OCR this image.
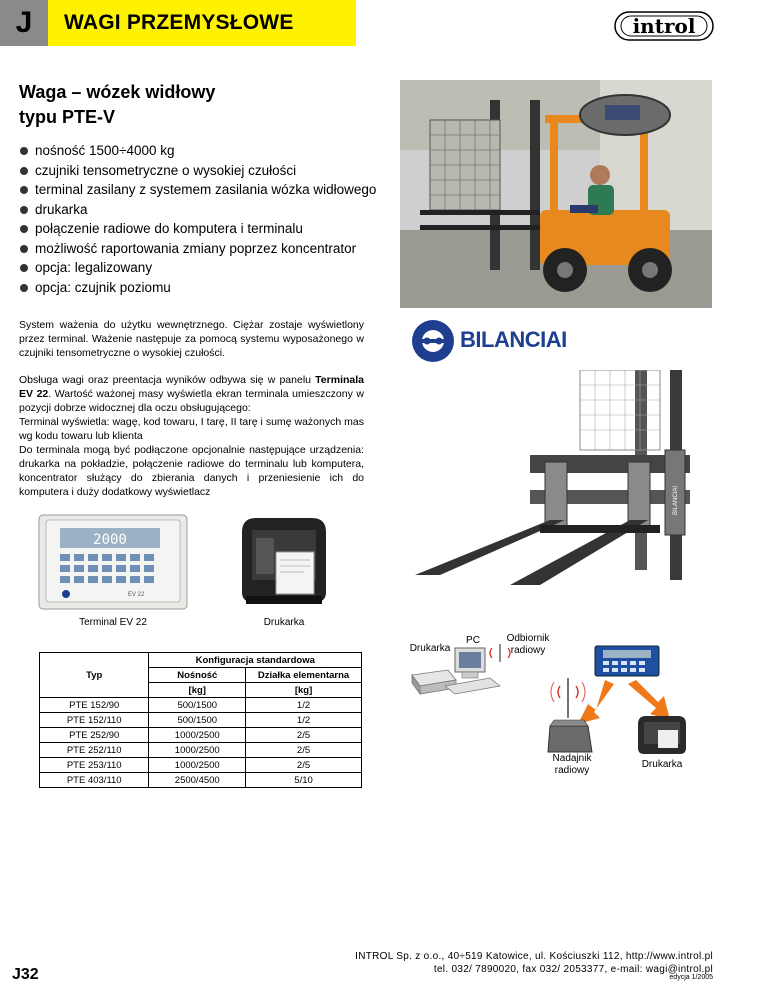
J	WAGI PRZEMYSŁOWE	introl
Waga – wózek widłowy
typu PTE-V
nośność 1500÷4000 kg
czujniki tensometryczne o wysokiej czułości
terminal zasilany z systemem zasilania wózka widłowego
drukarka
połączenie radiowe do komputera i terminalu
możliwość raportowania zmiany poprzez koncentrator
opcja: legalizowany
opcja: czujnik poziomu
System ważenia do użytku wewnętrznego. Ciężar zostaje wyświetlony przez terminal. Ważenie następuje za pomocą systemu wyposażonego w czujniki tensometryczne o wysokiej czułości.
Obsługa wagi oraz preentacja wyników odbywa się w panelu Terminala EV 22. Wartość ważonej masy wyświetla ekran terminala umieszczony w pozycji dobrze widocznej dla oczu obsługującego:
Terminal wyświetla: wagę, kod towaru, I tarę, II tarę i sumę ważonych mas wg kodu towaru lub klienta
Do terminala mogą być podłączone opcjonalnie następujące urządzenia: drukarka na pokładzie, połączenie radiowe do terminalu lub komputera, koncentrator służący do zbierania danych i przeniesienie ich do komputera i duży dodatkowy wyświetlacz
BILANCIAI
BILANCIAI
2000
EV 22
Terminal EV 22	Drukarka
Typ	Konfiguracja standardowa	
	Nośność	Działka elementarna
	[kg]	[kg]
PTE 152/90	500/1500	1/2
PTE 152/110	500/1500	1/2
PTE 252/90	1000/2500	2/5
PTE 252/110	1000/2500	2/5
PTE 253/110	1000/2500	2/5
PTE 403/110	2500/4500	5/10
Drukarka
PC	Odbiornik radiowy
Nadajnik radiowy
Drukarka
INTROL Sp. z o.o., 40÷519 Katowice, ul. Kościuszki 112, http://www.introl.pl
tel. 032/ 7890020, fax 032/ 2053377, e-mail: wagi@introl.pl
edycja 1/2005
J32
